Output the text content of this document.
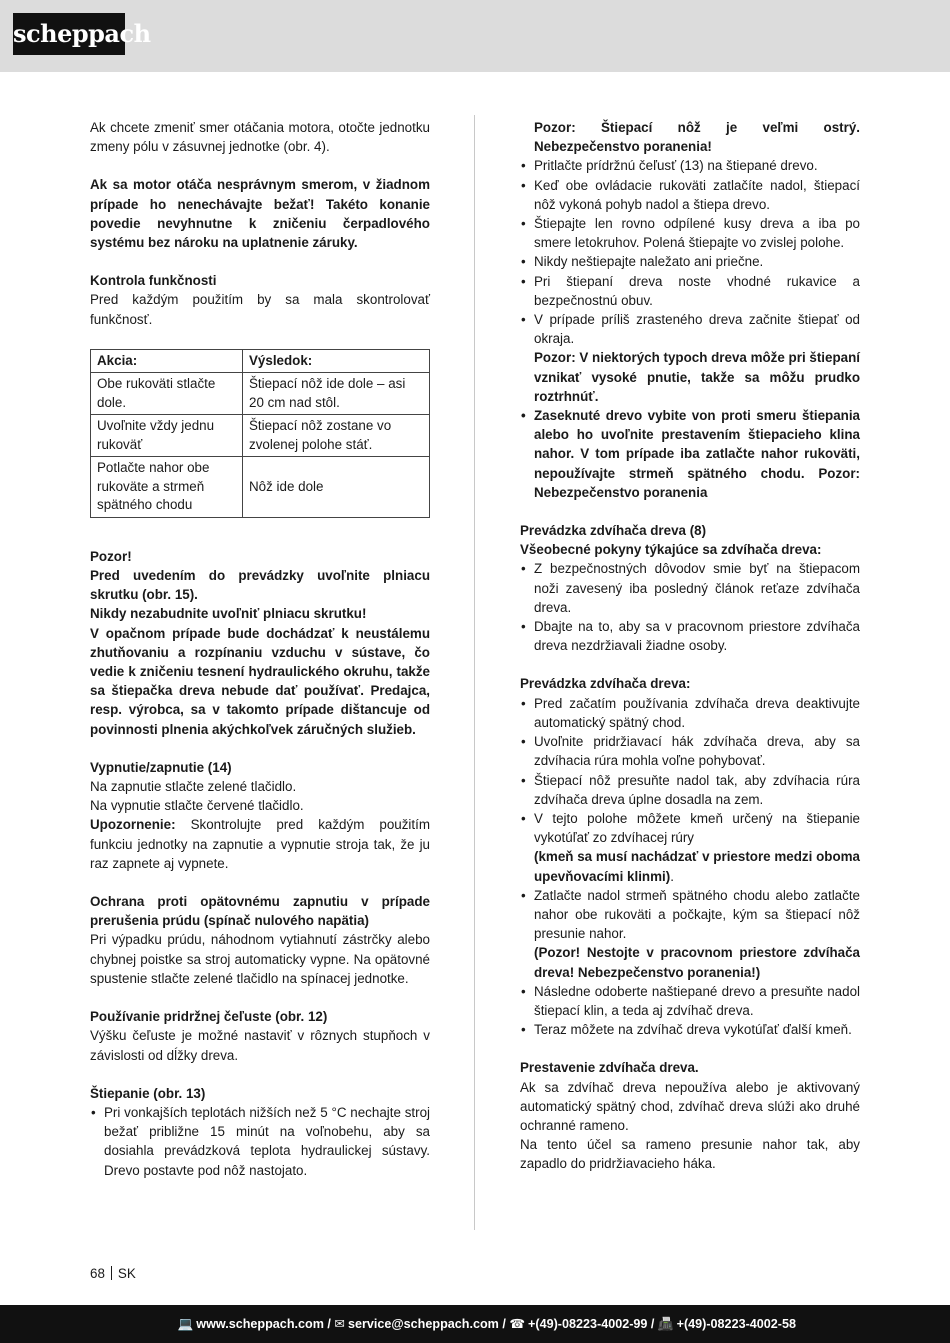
scheppach

Ak chcete zmeniť smer otáčania motora, otočte jednotku zmeny pólu v zásuvnej jednotke (obr. 4).

Ak sa motor otáča nesprávnym smerom, v žiadnom prípade ho nenechávajte bežať! Takéto konanie povedie nevyhnutne k zničeniu čerpadlového systému bez nároku na uplatnenie záruky.

Kontrola funkčnosti

Pred každým použitím by sa mala skontrolovať funkčnosť.

Akcia:	Výsledok:
Obe rukoväti stlačte dole.	Štiepací nôž ide dole – asi 20 cm nad stôl.
Uvoľnite vždy jednu rukoväť	Štiepací nôž zostane vo zvolenej polohe stáť.
Potlačte nahor obe rukoväte a strmeň spätného chodu	Nôž ide dole

Pozor!

Pred uvedením do prevádzky uvoľnite plniacu skrutku (obr. 15).

Nikdy nezabudnite uvoľniť plniacu skrutku!

V opačnom prípade bude dochádzať k neustálemu zhutňovaniu a rozpínaniu vzduchu v sústave, čo vedie k zničeniu tesnení hydraulického okruhu, takže sa štiepačka dreva nebude dať používať. Predajca, resp. výrobca, sa v takomto prípade dištancuje od povinnosti plnenia akýchkoľvek záručných služieb.

Vypnutie/zapnutie (14)

Na zapnutie stlačte zelené tlačidlo.

Na vypnutie stlačte červené tlačidlo.

Upozornenie: Skontrolujte pred každým použitím funkciu jednotky na zapnutie a vypnutie stroja tak, že ju raz zapnete aj vypnete.

Ochrana proti opätovnému zapnutiu v prípade prerušenia prúdu (spínač nulového napätia)

Pri výpadku prúdu, náhodnom vytiahnutí zástrčky alebo chybnej poistke sa stroj automaticky vypne. Na opätovné spustenie stlačte zelené tlačidlo na spínacej jednotke.

Používanie pridržnej čeľuste (obr. 12)

Výšku čeľuste je možné nastaviť v rôznych stupňoch v závislosti od dĺžky dreva.

Štiepanie (obr. 13)

• Pri vonkajších teplotách nižších než 5 °C nechajte stroj bežať približne 15 minút na voľnobehu, aby sa dosiahla prevádzková teplota hydraulickej sústavy. Drevo postavte pod nôž nastojato.

Pozor: Štiepací nôž je veľmi ostrý. Nebezpečenstvo poranenia!

• Pritlačte prídržnú čeľusť (13) na štiepané drevo.
• Keď obe ovládacie rukoväti zatlačíte nadol, štiepací nôž vykoná pohyb nadol a štiepa drevo.
• Štiepajte len rovno odpílené kusy dreva a iba po smere letokruhov. Polená štiepajte vo zvislej polohe.
• Nikdy neštiepajte naležato ani priečne.
• Pri štiepaní dreva noste vhodné rukavice a bezpečnostnú obuv.
• V prípade príliš zrasteného dreva začnite štiepať od okraja.

Pozor: V niektorých typoch dreva môže pri štiepaní vznikať vysoké pnutie, takže sa môžu prudko roztrhnúť.

• Zaseknuté drevo vybite von proti smeru štiepania alebo ho uvoľnite prestavením štiepacieho klina nahor. V tom prípade iba zatlačte nahor rukoväti, nepoužívajte strmeň spätného chodu. Pozor: Nebezpečenstvo poranenia

Prevádzka zdvíhača dreva (8)

Všeobecné pokyny týkajúce sa zdvíhača dreva:

• Z bezpečnostných dôvodov smie byť na štiepacom noži zavesený iba posledný článok reťaze zdvíhača dreva.
• Dbajte na to, aby sa v pracovnom priestore zdvíhača dreva nezdržiavali žiadne osoby.

Prevádzka zdvíhača dreva:

• Pred začatím používania zdvíhača dreva deaktivujte automatický spätný chod.
• Uvoľnite pridržiavací hák zdvíhača dreva, aby sa zdvíhacia rúra mohla voľne pohybovať.
• Štiepací nôž presuňte nadol tak, aby zdvíhacia rúra zdvíhača dreva úplne dosadla na zem.
• V tejto polohe môžete kmeň určený na štiepanie vykotúľať zo zdvíhacej rúry
(kmeň sa musí nachádzať v priestore medzi oboma upevňovacími klinmi).
• Zatlačte nadol strmeň spätného chodu alebo zatlačte nahor obe rukoväti a počkajte, kým sa štiepací nôž presunie nahor.
(Pozor! Nestojte v pracovnom priestore zdvíhača dreva! Nebezpečenstvo poranenia!)
• Následne odoberte naštiepané drevo a presuňte nadol štiepací klin, a teda aj zdvíhač dreva.
• Teraz môžete na zdvíhač dreva vykotúľať ďalší kmeň.

Prestavenie zdvíhača dreva.

Ak sa zdvíhač dreva nepoužíva alebo je aktivovaný automatický spätný chod, zdvíhač dreva slúži ako druhé ochranné rameno.

Na tento účel sa rameno presunie nahor tak, aby zapadlo do pridržiavacieho háka.

68 SK
💻 www.scheppach.com / ✉ service@scheppach.com / ☎ +(49)-08223-4002-99 / 📠 +(49)-08223-4002-58
